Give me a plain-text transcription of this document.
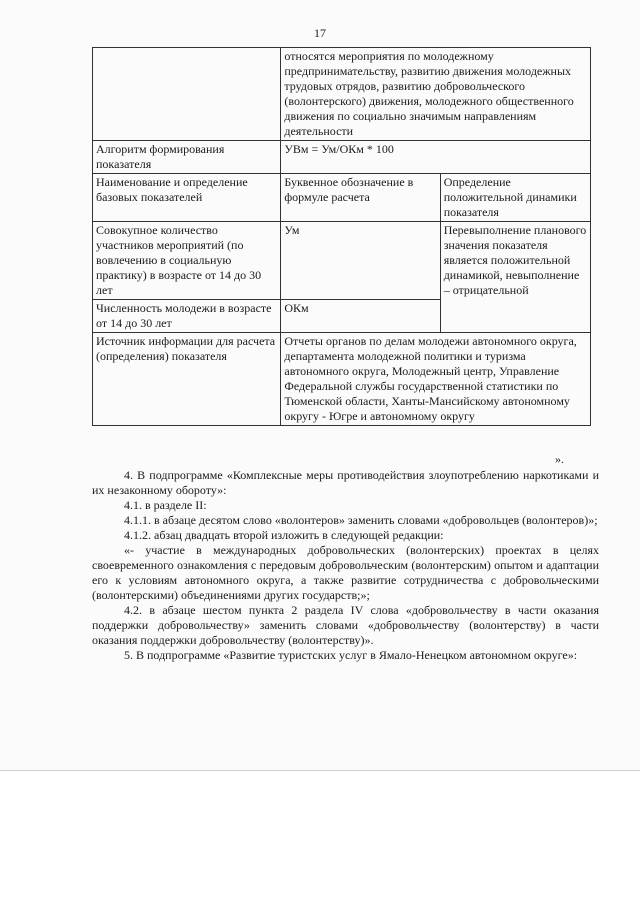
17
	относятся мероприятия по молодежному предпринимательству, развитию движения молодежных трудовых отрядов, развитию добровольческого (волонтерского) движения, молодежного общественного движения по социально значимым направлениям деятельности	
Алгоритм формирования показателя	УВм = Ум/ОКм * 100	
Наименование и определение базовых показателей	Буквенное обозначение в формуле расчета	Определение положительной динамики показателя
Совокупное количество участников мероприятий (по вовлечению в социальную практику) в возрасте от 14 до 30 лет	Ум	Перевыполнение планового значения показателя является положительной динамикой, невыполнение – отрицательной
Численность молодежи в возрасте от 14 до 30 лет	ОКм	
Источник информации для расчета (определения) показателя	Отчеты органов по делам молодежи автономного округа, департамента молодежной политики и туризма автономного округа, Молодежный центр, Управление Федеральной службы государственной статистики по Тюменской области, Ханты-Мансийскому автономному округу - Югре и автономному округу	
».

4. В подпрограмме «Комплексные меры противодействия злоупотреблению наркотиками и их незаконному обороту»:

4.1. в разделе II:

4.1.1. в абзаце десятом слово «волонтеров» заменить словами «добровольцев (волонтеров)»;

4.1.2. абзац двадцать второй изложить в следующей редакции:

«- участие в международных добровольческих (волонтерских) проектах в целях своевременного ознакомления с передовым добровольческим (волонтерским) опытом и адаптации его к условиям автономного округа, а также развитие сотрудничества с добровольческими (волонтерскими) объединениями других государств;»;

4.2. в абзаце шестом пункта 2 раздела IV слова «добровольчеству в части оказания поддержки добровольчеству» заменить словами «добровольчеству (волонтерству) в части оказания поддержки добровольчеству (волонтерству)».

5. В подпрограмме «Развитие туристских услуг в Ямало-Ненецком автономном округе»:
